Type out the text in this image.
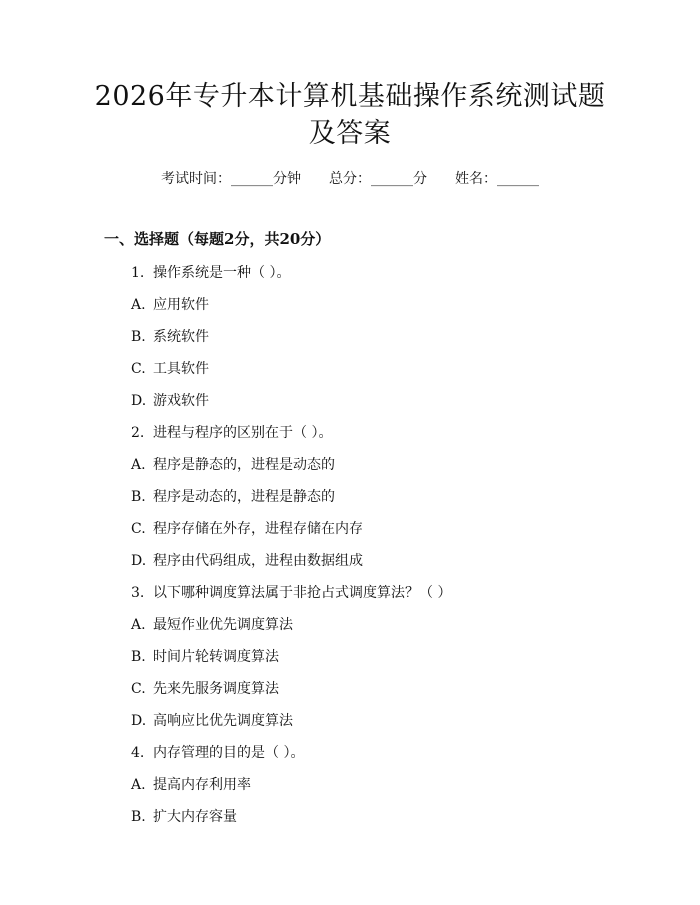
2026年专升本计算机基础操作系统测试题及答案
考试时间：______分钟 总分：______分 姓名：______
一、选择题（每题2分，共20分）
1. 操作系统是一种（ ）。
A. 应用软件
B. 系统软件
C. 工具软件
D. 游戏软件
2. 进程与程序的区别在于（ ）。
A. 程序是静态的，进程是动态的
B. 程序是动态的，进程是静态的
C. 程序存储在外存，进程存储在内存
D. 程序由代码组成，进程由数据组成
3. 以下哪种调度算法属于非抢占式调度算法？（ ）
A. 最短作业优先调度算法
B. 时间片轮转调度算法
C. 先来先服务调度算法
D. 高响应比优先调度算法
4. 内存管理的目的是（ ）。
A. 提高内存利用率
B. 扩大内存容量
